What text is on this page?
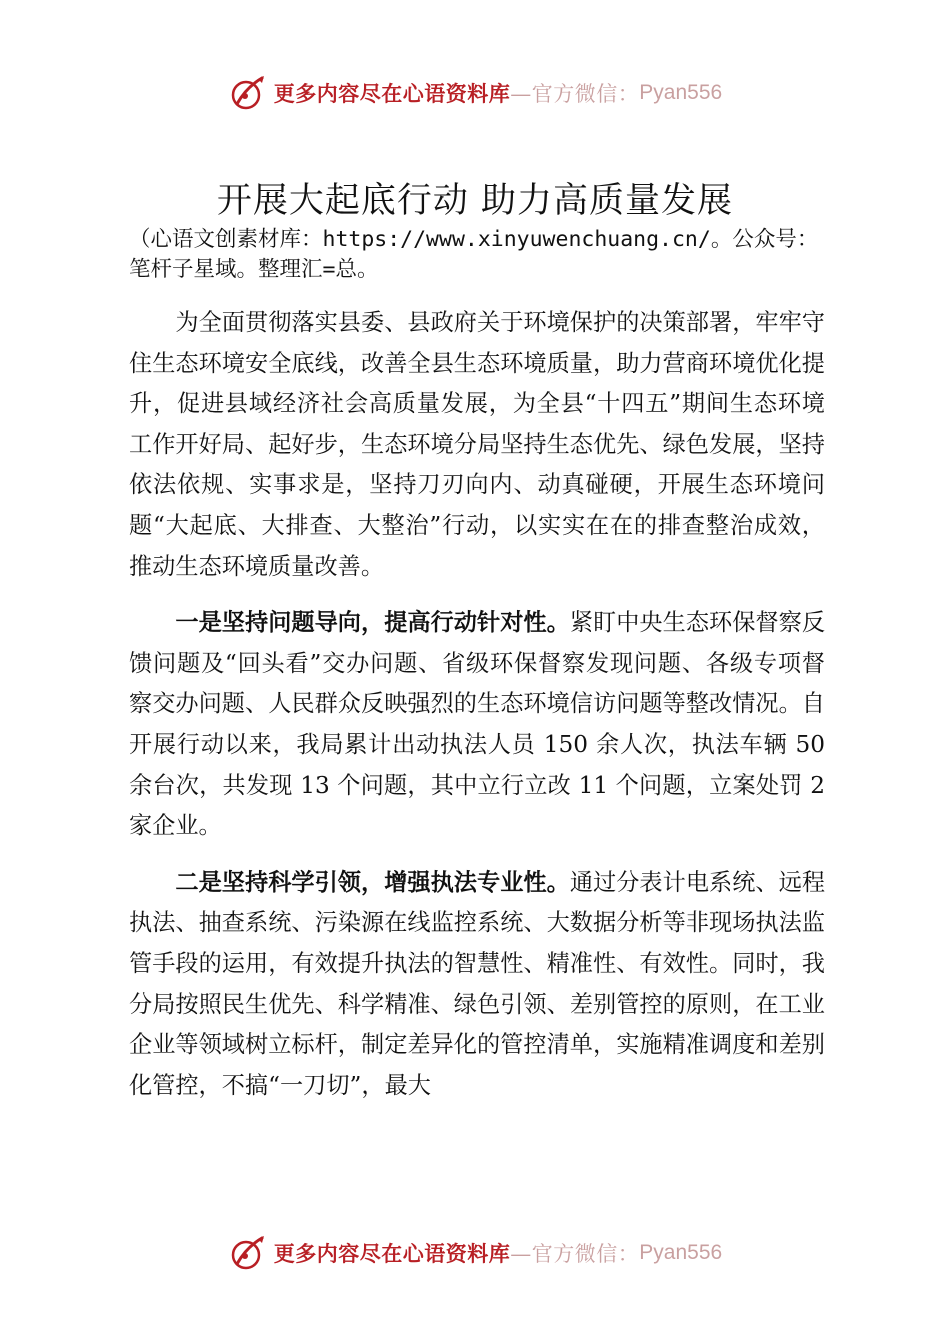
更多内容尽在心语资料库 —官方微信： Pyan556
开展大起底行动 助力高质量发展
（心语文创素材库：https://www.xinyuwenchuang.cn/。公众号：笔杆子星域。整理汇=总。

为全面贯彻落实县委、县政府关于环境保护的决策部署，牢牢守住生态环境安全底线，改善全县生态环境质量，助力营商环境优化提升，促进县域经济社会高质量发展，为全县“十四五”期间生态环境工作开好局、起好步，生态环境分局坚持生态优先、绿色发展，坚持依法依规、实事求是，坚持刀刃向内、动真碰硬，开展生态环境问题“大起底、大排查、大整治”行动，以实实在在的排查整治成效，推动生态环境质量改善。

一是坚持问题导向，提高行动针对性。紧盯中央生态环保督察反馈问题及“回头看”交办问题、省级环保督察发现问题、各级专项督察交办问题、人民群众反映强烈的生态环境信访问题等整改情况。自开展行动以来，我局累计出动执法人员 150 余人次，执法车辆 50 余台次，共发现 13 个问题，其中立行立改 11 个问题，立案处罚 2 家企业。

二是坚持科学引领，增强执法专业性。通过分表计电系统、远程执法、抽查系统、污染源在线监控系统、大数据分析等非现场执法监管手段的运用，有效提升执法的智慧性、精准性、有效性。同时，我分局按照民生优先、科学精准、绿色引领、差别管控的原则，在工业企业等领域树立标杆，制定差异化的管控清单，实施精准调度和差别化管控，不搞“一刀切”，最大

更多内容尽在心语资料库 —官方微信： Pyan556
